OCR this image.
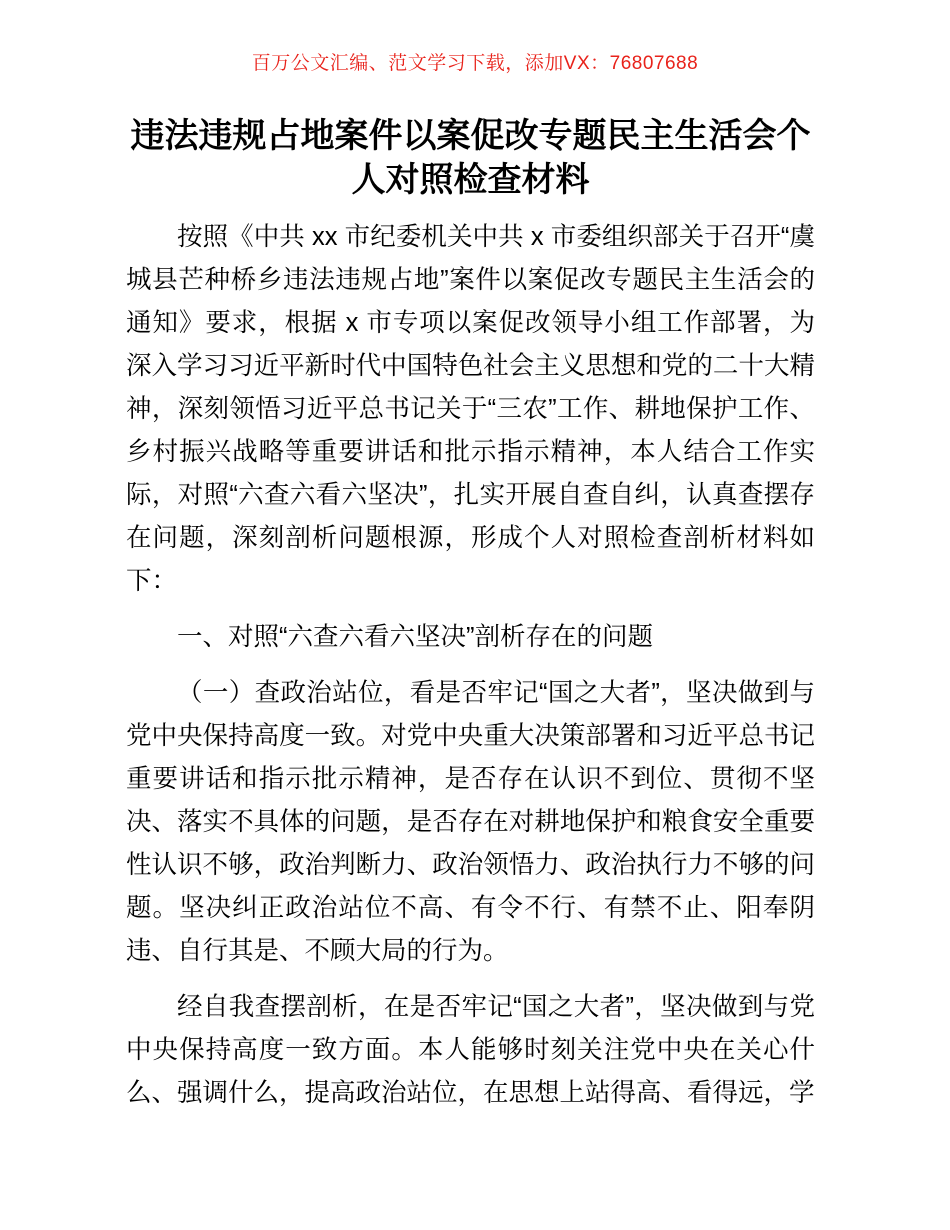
百万公文汇编、范文学习下载，添加VX：76807688
违法违规占地案件以案促改专题民主生活会个人对照检查材料

按照《中共 xx 市纪委机关中共 x 市委组织部关于召开“虞城县芒种桥乡违法违规占地”案件以案促改专题民主生活会的通知》要求，根据 x 市专项以案促改领导小组工作部署，为深入学习习近平新时代中国特色社会主义思想和党的二十大精神，深刻领悟习近平总书记关于“三农”工作、耕地保护工作、乡村振兴战略等重要讲话和批示指示精神，本人结合工作实际，对照“六查六看六坚决”，扎实开展自查自纠，认真查摆存在问题，深刻剖析问题根源，形成个人对照检查剖析材料如下：

一、对照“六查六看六坚决”剖析存在的问题

（一）查政治站位，看是否牢记“国之大者”，坚决做到与党中央保持高度一致。对党中央重大决策部署和习近平总书记重要讲话和指示批示精神，是否存在认识不到位、贯彻不坚决、落实不具体的问题，是否存在对耕地保护和粮食安全重要性认识不够，政治判断力、政治领悟力、政治执行力不够的问题。坚决纠正政治站位不高、有令不行、有禁不止、阳奉阴违、自行其是、不顾大局的行为。

经自我查摆剖析，在是否牢记“国之大者”，坚决做到与党中央保持高度一致方面。本人能够时刻关注党中央在关心什么、强调什么，提高政治站位，在思想上站得高、看得远，学
